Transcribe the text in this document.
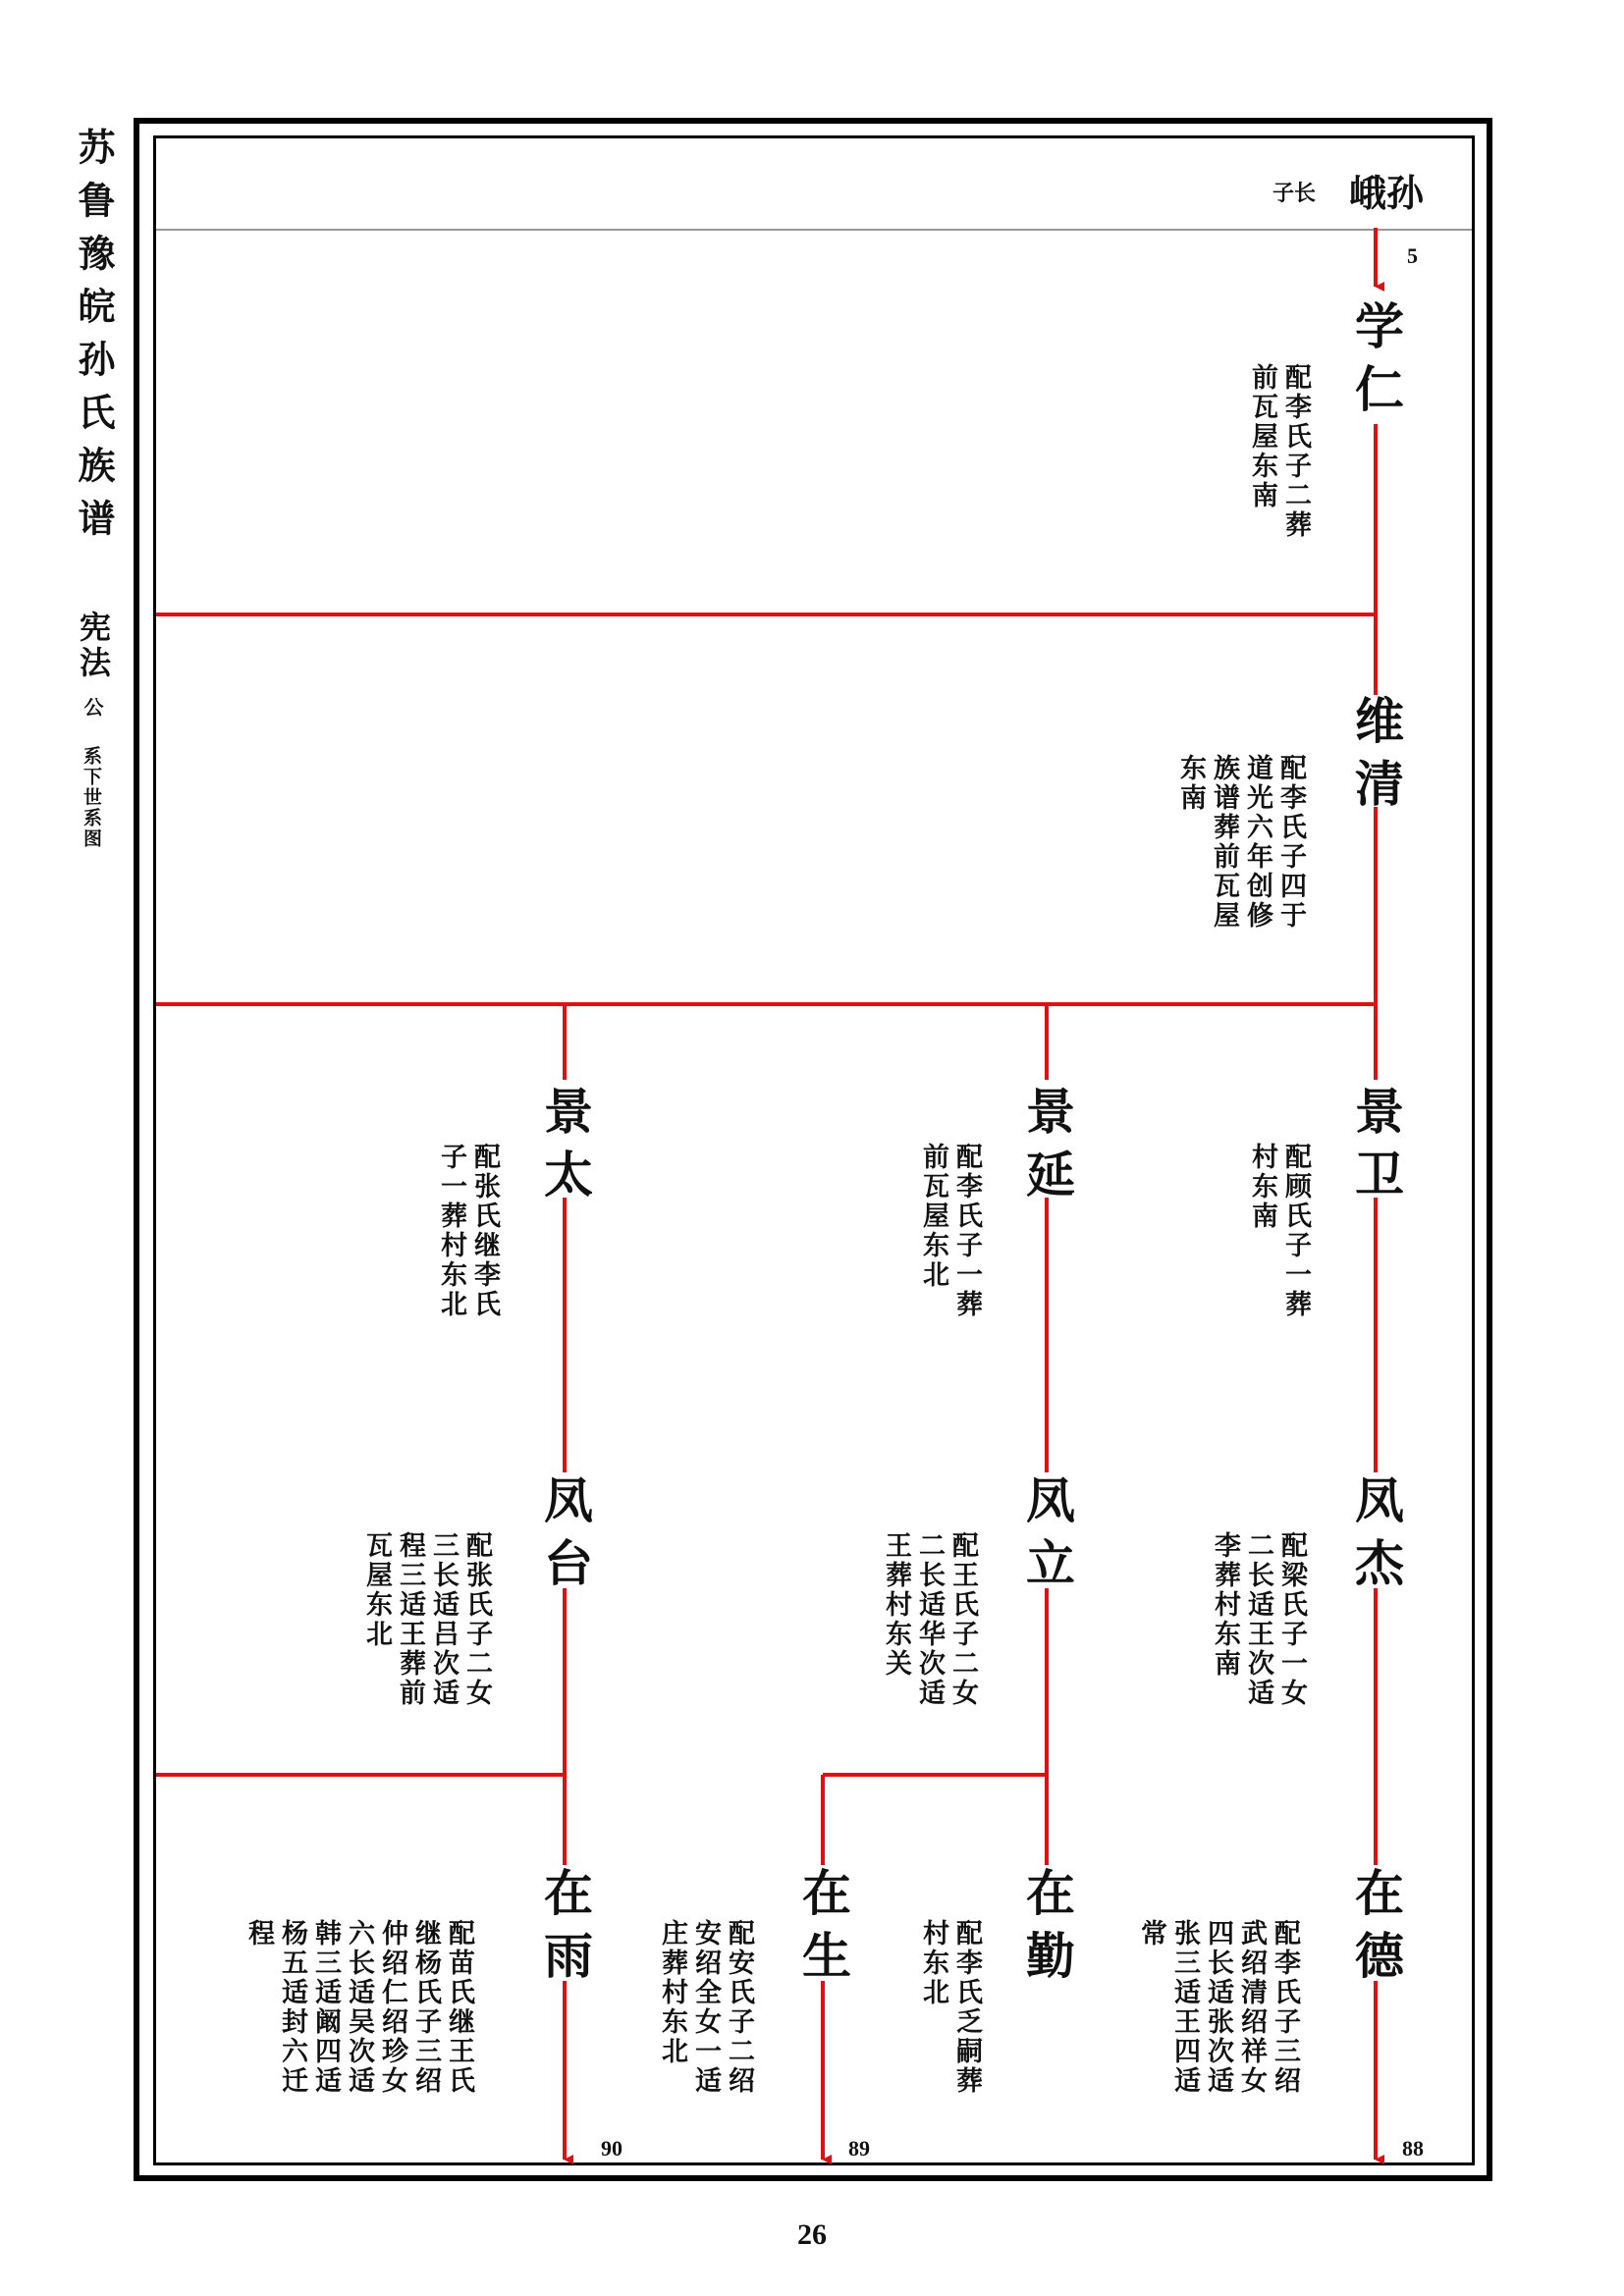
苏鲁豫皖孙氏族谱
宪法
公
系下世系图
子长 峨孙
5
88
89
90
学仁
配李氏子二葬
前瓦屋东南
维清
配李氏子四于
道光六年创修
族谱葬前瓦屋
东南
景卫
配顾氏子一葬
村东南
景延
配李氏子一葬
前瓦屋东北
景太
配张氏继李氏
子一葬村东北
凤杰
配梁氏子一女
二长适王次适
李葬村东南
凤立
配王氏子二女
二长适华次适
王葬村东关
凤台
配张氏子二女
三长适吕次适
程三适王葬前
瓦屋东北
在德
配李氏子三绍
武绍清绍祥女
四长适张次适
张三适王四适
常
在勤
配李氏乏嗣葬
村东北
在生
配安氏子二绍
安绍全女一适
庄葬村东北
在雨
配苗氏继王氏
继杨氏子三绍
仲绍仁绍珍女
六长适吴次适
韩三适阚四适
杨五适封六迁
程
26
